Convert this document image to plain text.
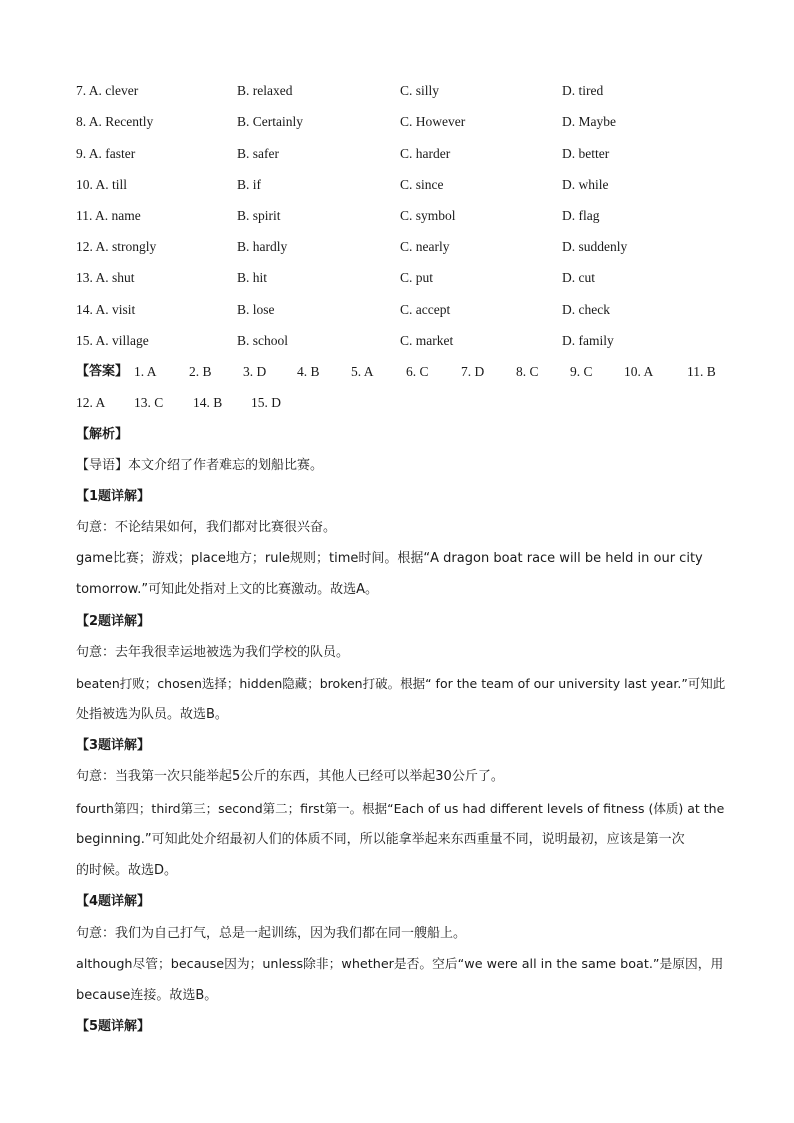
7. A. clever	B. relaxed	C. silly	D. tired
8. A. Recently	B. Certainly	C. However	D. Maybe
9. A. faster	B. safer	C. harder	D. better
10. A. till	B. if	C. since	D. while
11. A. name	B. spirit	C. symbol	D. flag
12. A. strongly	B. hardly	C. nearly	D. suddenly
13. A. shut	B. hit	C. put	D. cut
14. A. visit	B. lose	C. accept	D. check
15. A. village	B. school	C. market	D. family
【答案】 1. A 2. B 3. D 4. B 5. A 6. C 7. D 8. C 9. C 10. A 11. B
12. A 13. C 14. B 15. D
【解析】
【导语】本文介绍了作者难忘的划船比赛。
【1题详解】
句意：不论结果如何，我们都对比赛很兴奋。
game比赛；游戏；place地方；rule规则；time时间。根据“A dragon boat race will be held in our city
tomorrow.”可知此处指对上文的比赛激动。故选A。
【2题详解】
句意：去年我很幸运地被选为我们学校的队员。
beaten打败；chosen选择；hidden隐藏；broken打破。根据“ for the team of our university last year.”可知此
处指被选为队员。故选B。
【3题详解】
句意：当我第一次只能举起5公斤的东西，其他人已经可以举起30公斤了。
fourth第四；third第三；second第二；first第一。根据“Each of us had different levels of fitness (体质) at the
beginning.”可知此处介绍最初人们的体质不同，所以能拿举起来东西重量不同，说明最初，应该是第一次
的时候。故选D。
【4题详解】
句意：我们为自己打气，总是一起训练，因为我们都在同一艘船上。
although尽管；because因为；unless除非；whether是否。空后“we were all in the same boat.”是原因，用
because连接。故选B。
【5题详解】
